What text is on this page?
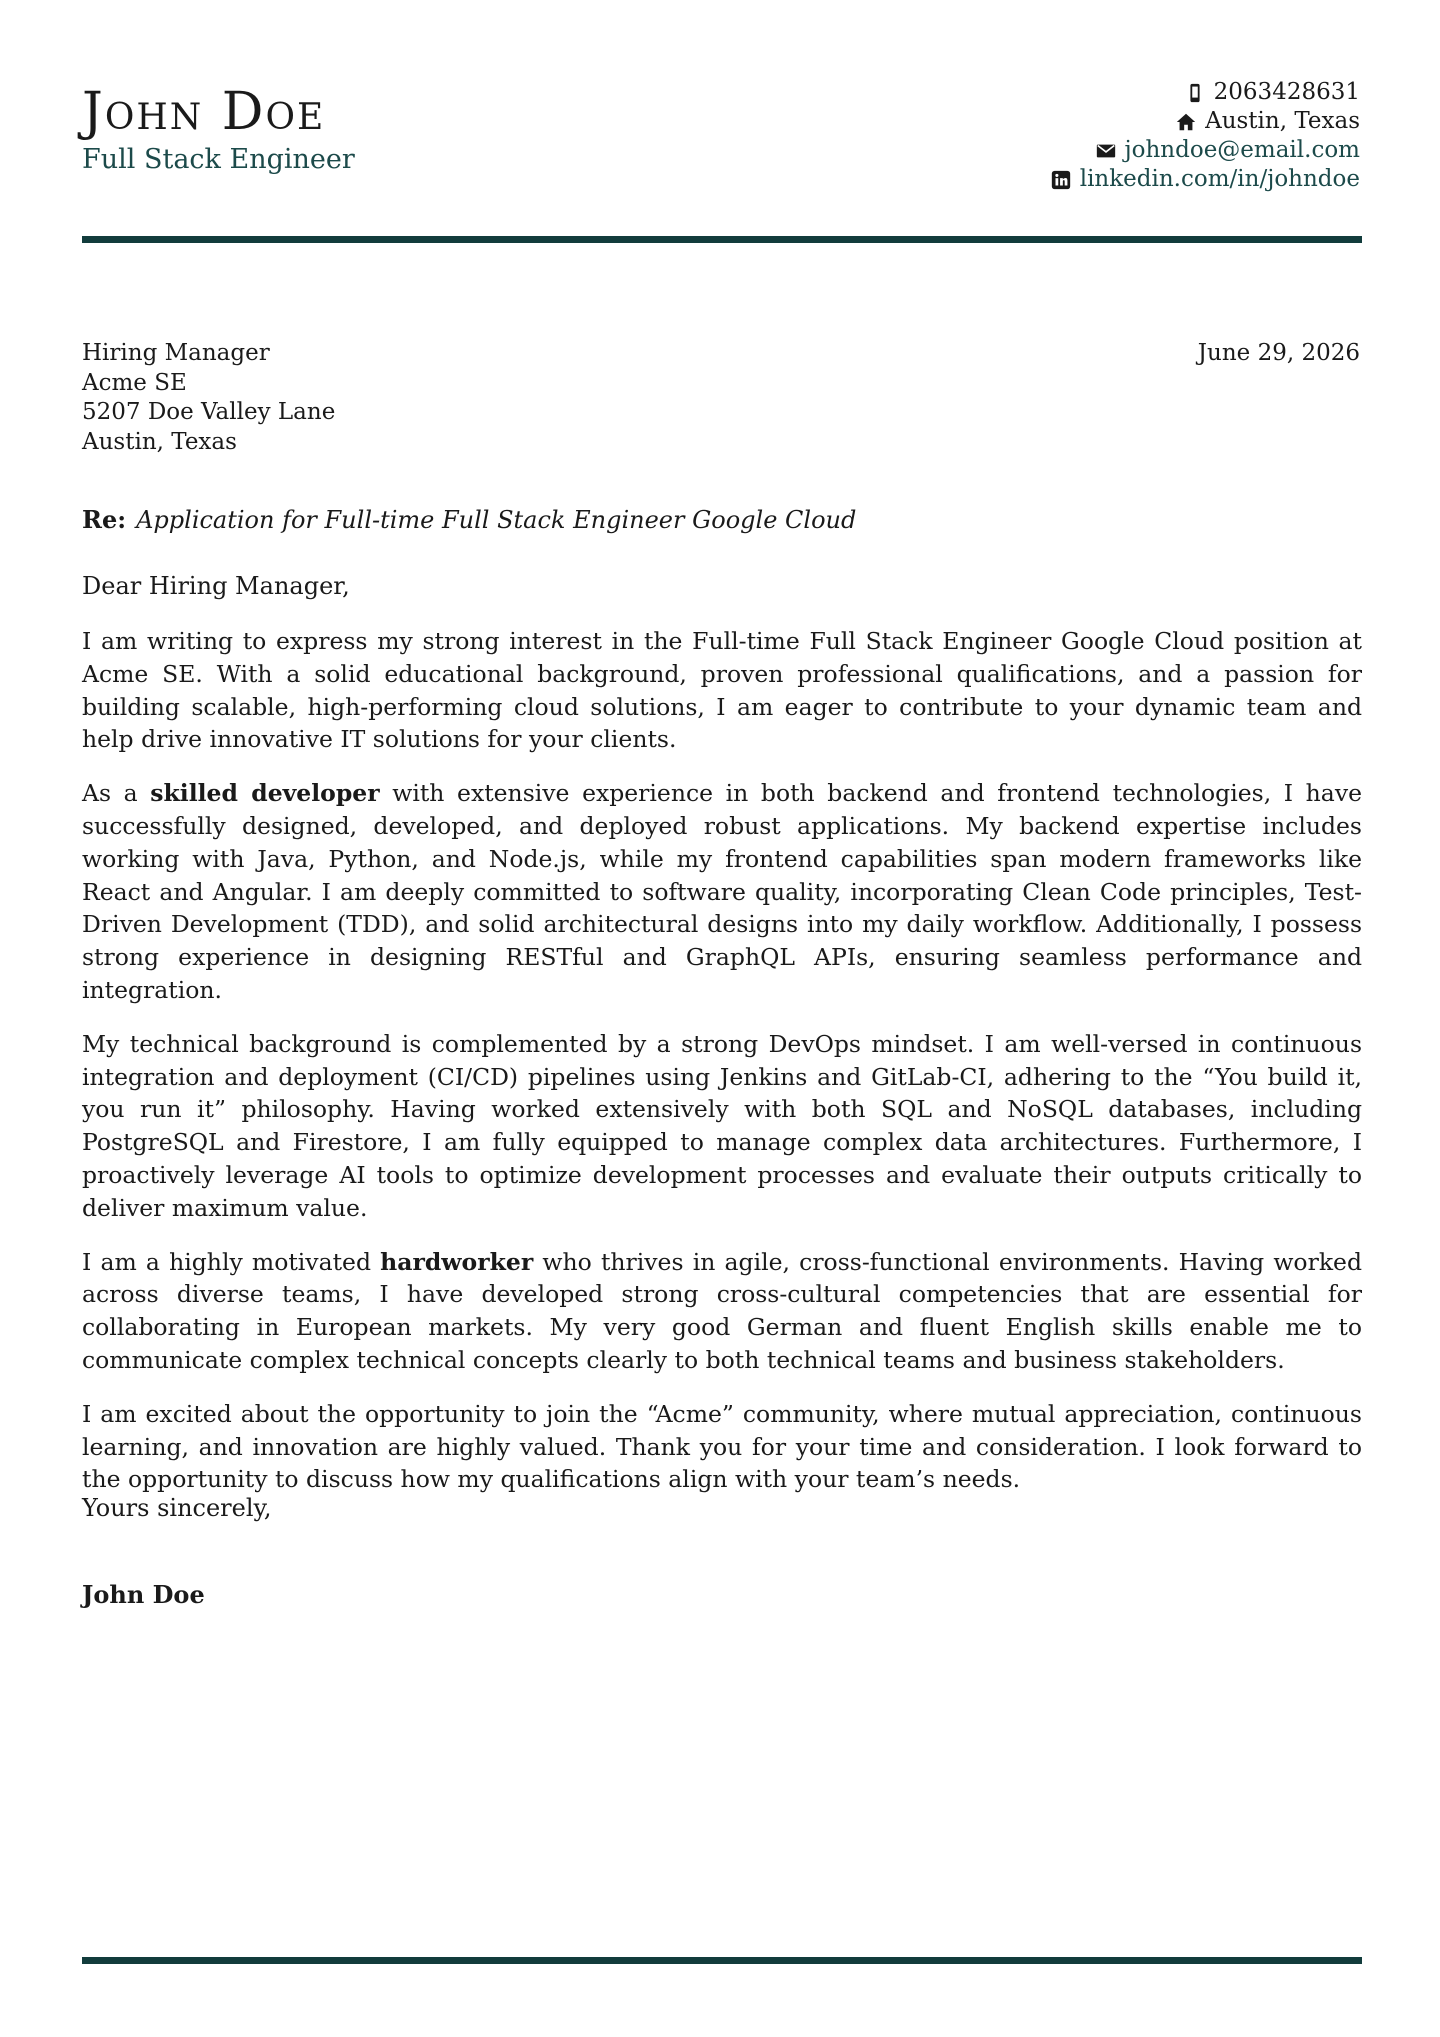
John Doe
Full Stack Engineer
2063428631
Austin, Texas
johndoe@email.com
linkedin.com/in/johndoe
Hiring Manager
Acme SE
5207 Doe Valley Lane
Austin, Texas
June 29, 2026
Re: Application for Full-time Full Stack Engineer Google Cloud
Dear Hiring Manager,

I am writing to express my strong interest in the Full-time Full Stack Engineer Google Cloud position at Acme SE. With a solid educational background, proven professional qualifications, and a passion for building scalable, high-performing cloud solutions, I am eager to contribute to your dynamic team and help drive innovative IT solutions for your clients.

As a skilled developer with extensive experience in both backend and frontend technologies, I have successfully designed, developed, and deployed robust applications. My backend expertise includes working with Java, Python, and Node.js, while my frontend capabilities span modern frameworks like React and Angular. I am deeply committed to software quality, incorporating Clean Code principles, Test-Driven Development (TDD), and solid architectural designs into my daily workflow. Additionally, I possess strong experience in designing RESTful and GraphQL APIs, ensuring seamless performance and integration.

My technical background is complemented by a strong DevOps mindset. I am well-versed in continuous integration and deployment (CI/CD) pipelines using Jenkins and GitLab-CI, adhering to the “You build it, you run it” philosophy. Having worked extensively with both SQL and NoSQL databases, including PostgreSQL and Firestore, I am fully equipped to manage complex data architectures. Furthermore, I proactively leverage AI tools to optimize development processes and evaluate their outputs critically to deliver maximum value.

I am a highly motivated hardworker who thrives in agile, cross-functional environments. Having worked across diverse teams, I have developed strong cross-cultural competencies that are essential for collaborating in European markets. My very good German and fluent English skills enable me to communicate complex technical concepts clearly to both technical teams and business stakeholders.

I am excited about the opportunity to join the “Acme” community, where mutual appreciation, continuous learning, and innovation are highly valued. Thank you for your time and consideration. I look forward to the opportunity to discuss how my qualifications align with your team’s needs.

Yours sincerely,
John Doe
